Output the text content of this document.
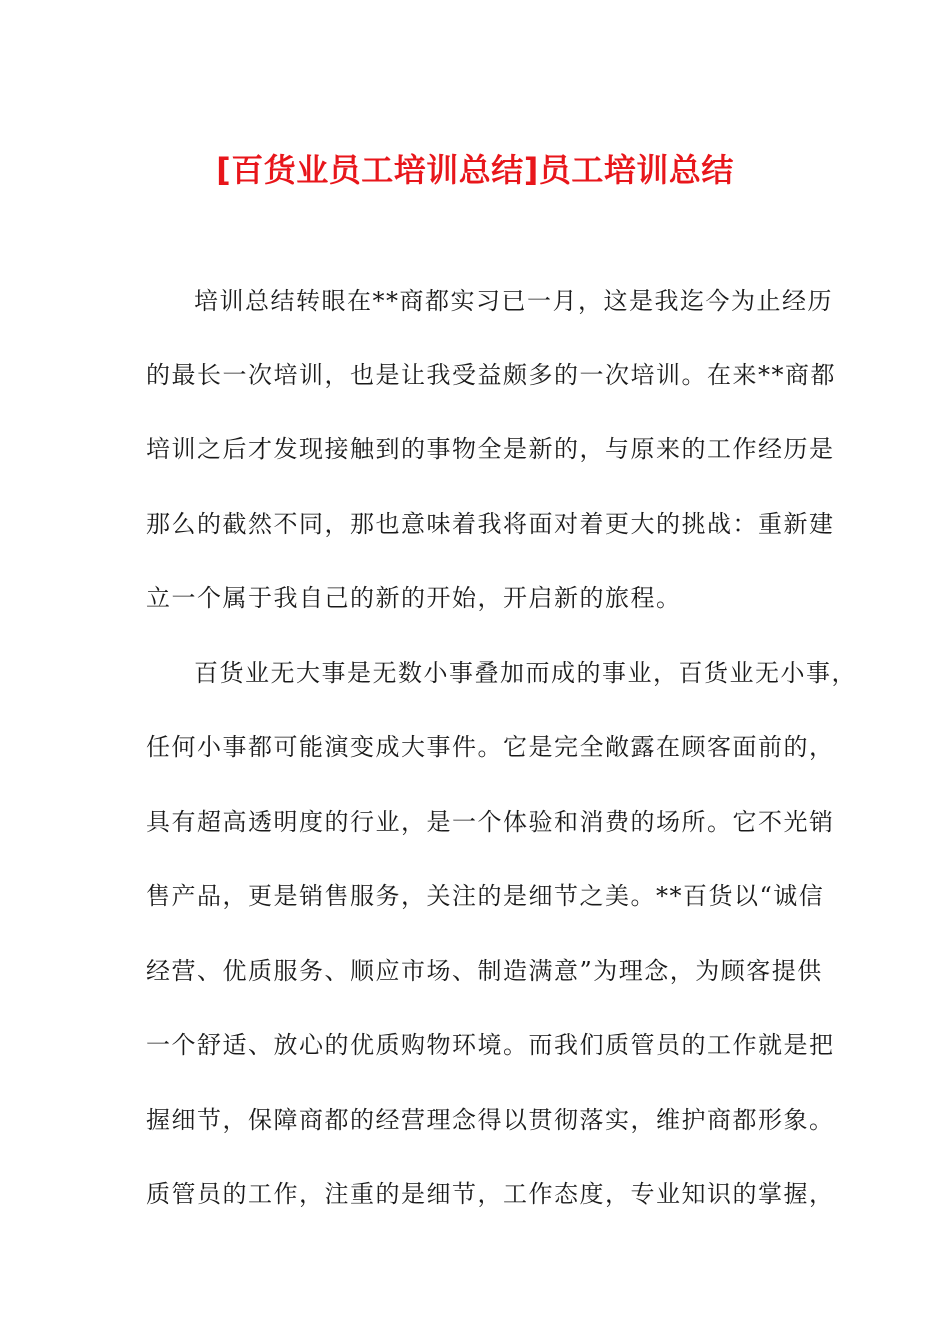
[百货业员工培训总结]员工培训总结
培训总结转眼在**商都实习已一月，这是我迄今为止经历
的最长一次培训，也是让我受益颇多的一次培训。在来**商都
培训之后才发现接触到的事物全是新的，与原来的工作经历是
那么的截然不同，那也意味着我将面对着更大的挑战：重新建
立一个属于我自己的新的开始，开启新的旅程。
百货业无大事是无数小事叠加而成的事业，百货业无小事，
任何小事都可能演变成大事件。它是完全敞露在顾客面前的，
具有超高透明度的行业，是一个体验和消费的场所。它不光销
售产品，更是销售服务，关注的是细节之美。**百货以“诚信
经营、优质服务、顺应市场、制造满意”为理念，为顾客提供
一个舒适、放心的优质购物环境。而我们质管员的工作就是把
握细节，保障商都的经营理念得以贯彻落实，维护商都形象。
质管员的工作，注重的是细节，工作态度，专业知识的掌握，
